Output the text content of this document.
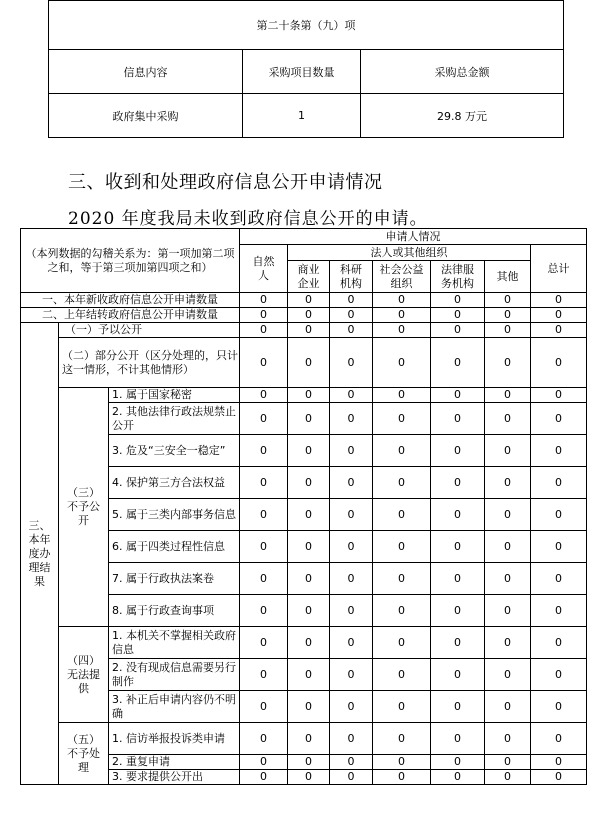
第二十条第（九）项		
信息内容	采购项目数量	采购总金额
政府集中采购	1	29.8 万元
三、收到和处理政府信息公开申请情况
2020 年度我局未收到政府信息公开的申请。
（本列数据的勾稽关系为：第一项加第二项之和，等于第三项加第四项之和）			申请人情况						
			自然人	法人或其他组织					总计
				商业企业	科研机构	社会公益组织	法律服务机构	其他	
一、本年新收政府信息公开申请数量			0	0	0	0	0	0	0
二、上年结转政府信息公开申请数量			0	0	0	0	0	0	0
三、本年度办理结果	（一）予以公开		0	0	0	0	0	0	0
	（二）部分公开（区分处理的，只计这一情形，不计其他情形）		0	0	0	0	0	0	0
	（三）不予公开	1. 属于国家秘密	0	0	0	0	0	0	0
		2. 其他法律行政法规禁止公开	0	0	0	0	0	0	0
		3. 危及“三安全一稳定”	0	0	0	0	0	0	0
		4. 保护第三方合法权益	0	0	0	0	0	0	0
		5. 属于三类内部事务信息	0	0	0	0	0	0	0
		6. 属于四类过程性信息	0	0	0	0	0	0	0
		7. 属于行政执法案卷	0	0	0	0	0	0	0
		8. 属于行政查询事项	0	0	0	0	0	0	0
	（四）无法提供	1. 本机关不掌握相关政府信息	0	0	0	0	0	0	0
		2. 没有现成信息需要另行制作	0	0	0	0	0	0	0
		3. 补正后申请内容仍不明确	0	0	0	0	0	0	0
	（五）不予处理	1. 信访举报投诉类申请	0	0	0	0	0	0	0
		2. 重复申请	0	0	0	0	0	0	0
		3. 要求提供公开出	0	0	0	0	0	0	0
